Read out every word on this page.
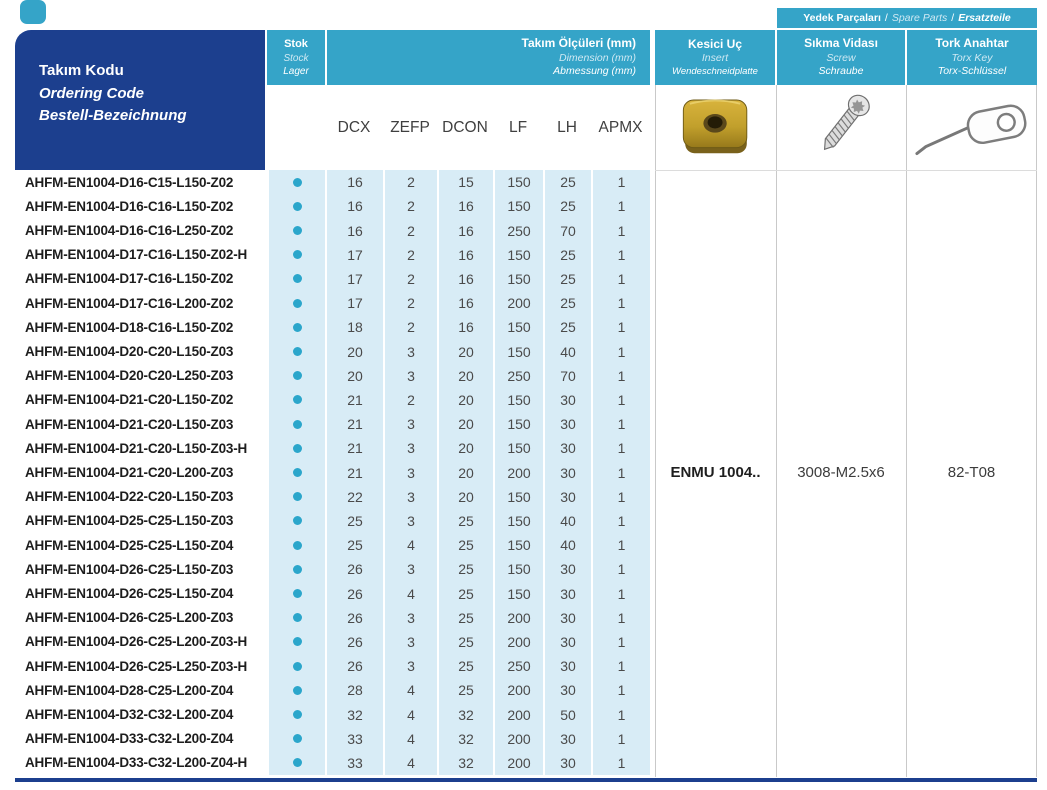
Takım Kodu
Ordering Code
Bestell-Bezeichnung
Yedek Parçaları / Spare Parts / Ersatzteile
Stok
Stock
Lager
Takım Ölçüleri (mm)
Dimension (mm)
Abmessung (mm)
Kesici Uç
Insert
Wendeschneidplatte
Sıkma Vidası
Screw
Schraube
Tork Anahtar
Torx Key
Torx-Schlüssel
DCX	ZEFP DCON	LF	LH	APMX
ENMU 1004..	3008-M2.5x6	82-T08
AHFM-EN1004-D16-C15-L150-Z02	16	2	15	150	25	1
AHFM-EN1004-D16-C16-L150-Z02	16	2	16	150	25	1
AHFM-EN1004-D16-C16-L250-Z02	16	2	16	250	70	1
AHFM-EN1004-D17-C16-L150-Z02-H	17	2	16	150	25	1
AHFM-EN1004-D17-C16-L150-Z02	17	2	16	150	25	1
AHFM-EN1004-D17-C16-L200-Z02	17	2	16	200	25	1
AHFM-EN1004-D18-C16-L150-Z02	18	2	16	150	25	1
AHFM-EN1004-D20-C20-L150-Z03	20	3	20	150	40	1
AHFM-EN1004-D20-C20-L250-Z03	20	3	20	250	70	1
AHFM-EN1004-D21-C20-L150-Z02	21	2	20	150	30	1
AHFM-EN1004-D21-C20-L150-Z03	21	3	20	150	30	1
AHFM-EN1004-D21-C20-L150-Z03-H	21	3	20	150	30	1
AHFM-EN1004-D21-C20-L200-Z03	21	3	20	200	30	1
AHFM-EN1004-D22-C20-L150-Z03	22	3	20	150	30	1
AHFM-EN1004-D25-C25-L150-Z03	25	3	25	150	40	1
AHFM-EN1004-D25-C25-L150-Z04	25	4	25	150	40	1
AHFM-EN1004-D26-C25-L150-Z03	26	3	25	150	30	1
AHFM-EN1004-D26-C25-L150-Z04	26	4	25	150	30	1
AHFM-EN1004-D26-C25-L200-Z03	26	3	25	200	30	1
AHFM-EN1004-D26-C25-L200-Z03-H	26	3	25	200	30	1
AHFM-EN1004-D26-C25-L250-Z03-H	26	3	25	250	30	1
AHFM-EN1004-D28-C25-L200-Z04	28	4	25	200	30	1
AHFM-EN1004-D32-C32-L200-Z04	32	4	32	200	50	1
AHFM-EN1004-D33-C32-L200-Z04	33	4	32	200	30	1
AHFM-EN1004-D33-C32-L200-Z04-H	33	4	32	200	30	1
